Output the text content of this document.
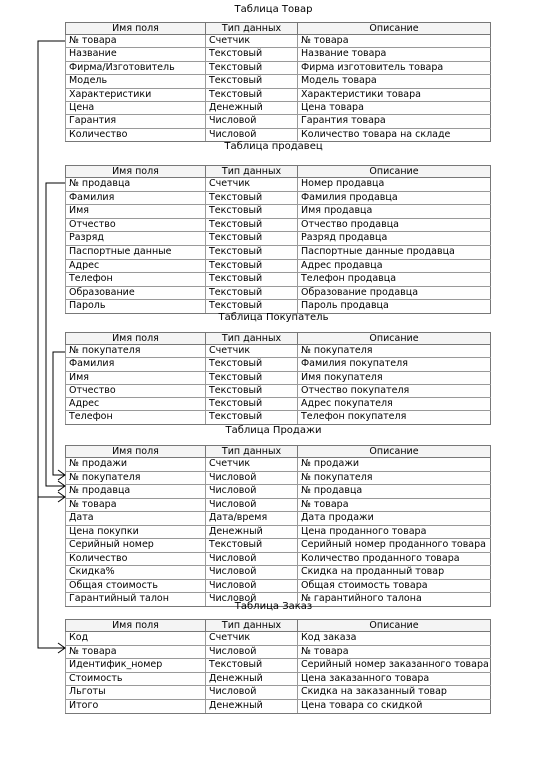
Таблица Товар
Имя поля	Тип данных	Описание
№ товара	Счетчик	№ товара
Название	Текстовый	Название товара
Фирма/Изготовитель	Текстовый	Фирма изготовитель товара
Модель	Текстовый	Модель товара
Характеристики	Текстовый	Характеристики товара
Цена	Денежный	Цена товара
Гарантия	Числовой	Гарантия товара
Количество	Числовой	Количество товара на складе
Таблица продавец
Имя поля	Тип данных	Описание
№ продавца	Счетчик	Номер продавца
Фамилия	Текстовый	Фамилия продавца
Имя	Текстовый	Имя продавца
Отчество	Текстовый	Отчество продавца
Разряд	Текстовый	Разряд продавца
Паспортные данные	Текстовый	Паспортные данные продавца
Адрес	Текстовый	Адрес продавца
Телефон	Текстовый	Телефон продавца
Образование	Текстовый	Образование продавца
Пароль	Текстовый	Пароль продавца
Таблица Покупатель
Имя поля	Тип данных	Описание
№ покупателя	Счетчик	№ покупателя
Фамилия	Текстовый	Фамилия покупателя
Имя	Текстовый	Имя покупателя
Отчество	Текстовый	Отчество покупателя
Адрес	Текстовый	Адрес покупателя
Телефон	Текстовый	Телефон покупателя
Таблица Продажи
Имя поля	Тип данных	Описание
№ продажи	Счетчик	№ продажи
№ покупателя	Числовой	№ покупателя
№ продавца	Числовой	№ продавца
№ товара	Числовой	№ товара
Дата	Дата/время	Дата продажи
Цена покупки	Денежный	Цена проданного товара
Серийный номер	Текстовый	Серийный номер проданного товара
Количество	Числовой	Количество проданного товара
Скидка%	Числовой	Скидка на проданный товар
Общая стоимость	Числовой	Общая стоимость товара
Гарантийный талон	Числовой	№ гарантийного талона
Таблица Заказ
Имя поля	Тип данных	Описание
Код	Счетчик	Код заказа
№ товара	Числовой	№ товара
Идентифик_номер	Текстовый	Серийный номер заказанного товара
Стоимость	Денежный	Цена заказанного товара
Льготы	Числовой	Скидка на заказанный товар
Итого	Денежный	Цена товара со скидкой
